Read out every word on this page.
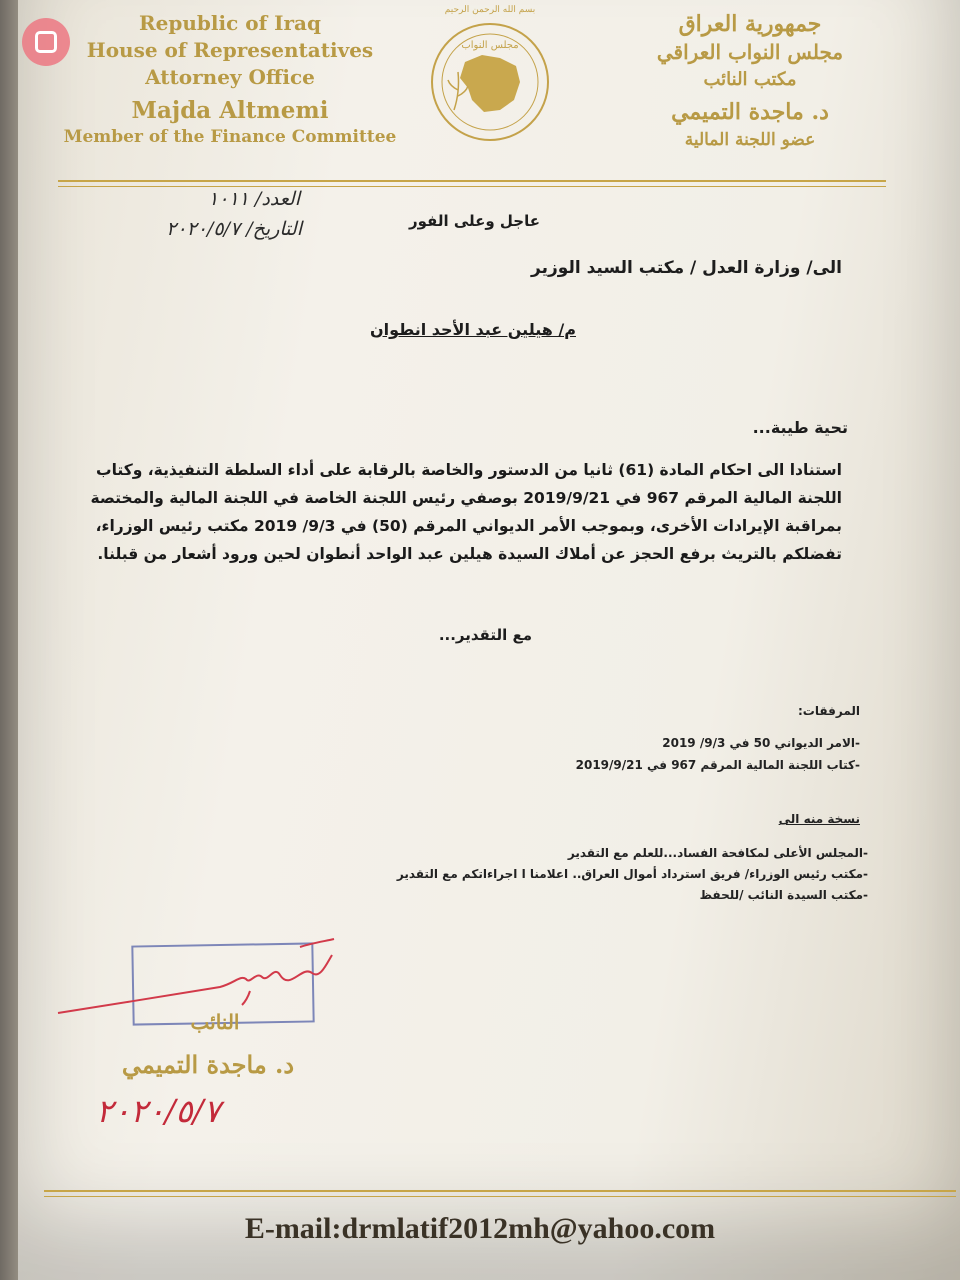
Republic of Iraq
House of Representatives
Attorney Office
Majda Altmemi
Member of the Finance Committee
بسم الله الرحمن الرحيم
مجلس النواب
جمهورية العراق
مجلس النواب العراقي
مكتب النائب
د. ماجدة التميمي
عضو اللجنة المالية
العدد/ ١٠١١
التاريخ/ ٢٠٢٠/٥/٧	عاجل وعلى الفور
الى/ وزارة العدل / مكتب السيد الوزير
م/ هيلين عبد الأحد انطوان
تحية طيبة...

استنادا الى احكام المادة (61) ثانيا من الدستور والخاصة بالرقابة على أداء السلطة التنفيذية، وكتاب

اللجنة المالية المرقم 967 في 2019/9/21 بوصفي رئيس اللجنة الخاصة في اللجنة المالية والمختصة

بمراقبة الإيرادات الأخرى، وبموجب الأمر الديواني المرقم (50) في 9/3/ 2019 مكتب رئيس الوزراء،

تفضلكم بالتريث برفع الحجز عن أملاك السيدة هيلين عبد الواحد أنطوان لحين ورود أشعار من قبلنا.

مع التقدير...
المرفقات:
-الامر الديواني 50 في 9/3/ 2019
-كتاب اللجنة المالية المرقم 967 في 2019/9/21
نسخة منه الى
-المجلس الأعلى لمكافحة الفساد...للعلم مع التقدير
-مكتب رئيس الوزراء/ فريق استرداد أموال العراق.. اعلامنا ا اجراءاتكم مع التقدير
-مكتب السيدة النائب /للحفظ
النائب
د. ماجدة التميمي
٢٠٢٠/٥/٧
E-mail:drmlatif2012mh@yahoo.com
